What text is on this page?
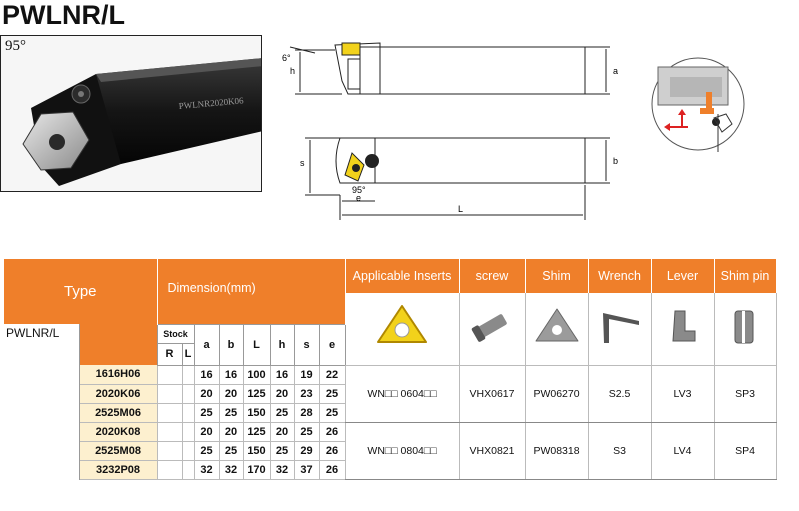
PWLNR/L
95°
PWLNR2020K06
6°
h	a
s	b
95°
e
L
Type		Dimension(mm)								Applicable Inserts	screw	Shim	Wrench	Lever	Shim pin

PWLNR/L		Stock		a	b	L	h	s	e						
		R	L												
	1616H06			16	16	100	16	19	22	WN□□ 0604□□	VHX0617	PW06270	S2.5	LV3	SP3
	2020K06			20	20	125	20	23	25						
	2525M06			25	25	150	25	28	25						
	2020K08			20	20	125	20	25	26	WN□□ 0804□□	VHX0821	PW08318	S3	LV4	SP4
	2525M08			25	25	150	25	29	26						
	3232P08			32	32	170	32	37	26						
